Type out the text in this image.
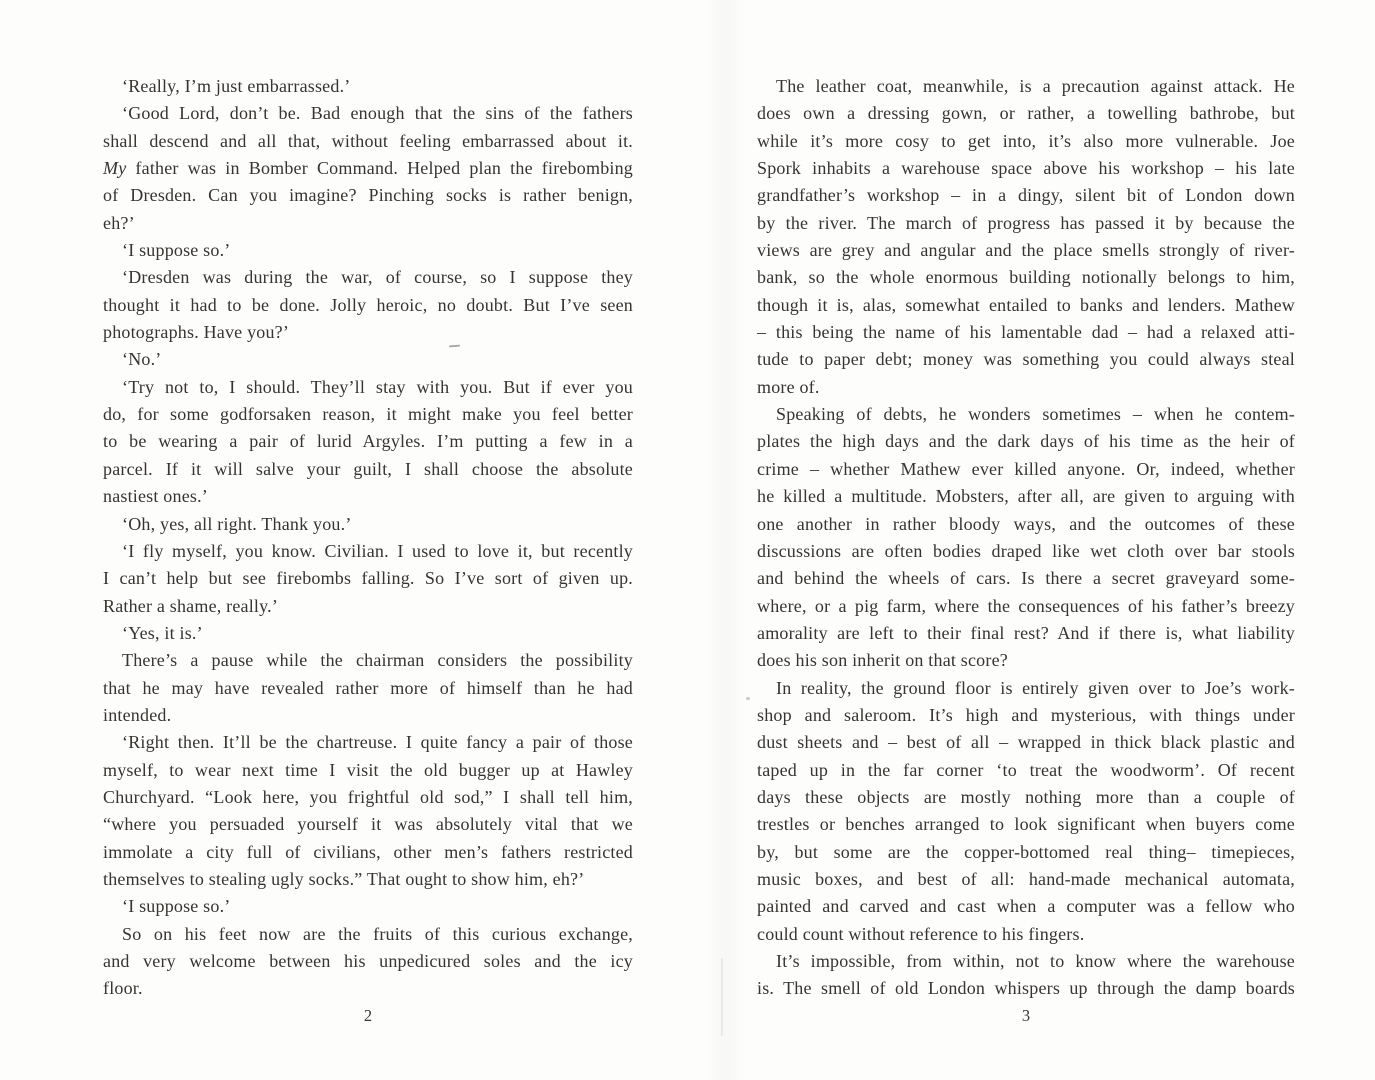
‘Really, I’m just embarrassed.’
‘Good Lord, don’t be. Bad enough that the sins of the fathers
shall descend and all that, without feeling embarrassed about it.
My father was in Bomber Command. Helped plan the firebombing
of Dresden. Can you imagine? Pinching socks is rather benign,
eh?’
‘I suppose so.’
‘Dresden was during the war, of course, so I suppose they
thought it had to be done. Jolly heroic, no doubt. But I’ve seen
photographs. Have you?’
‘No.’
‘Try not to, I should. They’ll stay with you. But if ever you
do, for some godforsaken reason, it might make you feel better
to be wearing a pair of lurid Argyles. I’m putting a few in a
parcel. If it will salve your guilt, I shall choose the absolute
nastiest ones.’
‘Oh, yes, all right. Thank you.’
‘I fly myself, you know. Civilian. I used to love it, but recently
I can’t help but see firebombs falling. So I’ve sort of given up.
Rather a shame, really.’
‘Yes, it is.’
There’s a pause while the chairman considers the possibility
that he may have revealed rather more of himself than he had
intended.
‘Right then. It’ll be the chartreuse. I quite fancy a pair of those
myself, to wear next time I visit the old bugger up at Hawley
Churchyard. “Look here, you frightful old sod,” I shall tell him,
“where you persuaded yourself it was absolutely vital that we
immolate a city full of civilians, other men’s fathers restricted
themselves to stealing ugly socks.” That ought to show him, eh?’
‘I suppose so.’
So on his feet now are the fruits of this curious exchange,
and very welcome between his unpedicured soles and the icy
floor.
2
The leather coat, meanwhile, is a precaution against attack. He
does own a dressing gown, or rather, a towelling bathrobe, but
while it’s more cosy to get into, it’s also more vulnerable. Joe
Spork inhabits a warehouse space above his workshop – his late
grandfather’s workshop – in a dingy, silent bit of London down
by the river. The march of progress has passed it by because the
views are grey and angular and the place smells strongly of river-
bank, so the whole enormous building notionally belongs to him,
though it is, alas, somewhat entailed to banks and lenders. Mathew
– this being the name of his lamentable dad – had a relaxed atti-
tude to paper debt; money was something you could always steal
more of.
Speaking of debts, he wonders sometimes – when he contem-
plates the high days and the dark days of his time as the heir of
crime – whether Mathew ever killed anyone. Or, indeed, whether
he killed a multitude. Mobsters, after all, are given to arguing with
one another in rather bloody ways, and the outcomes of these
discussions are often bodies draped like wet cloth over bar stools
and behind the wheels of cars. Is there a secret graveyard some-
where, or a pig farm, where the consequences of his father’s breezy
amorality are left to their final rest? And if there is, what liability
does his son inherit on that score?
In reality, the ground floor is entirely given over to Joe’s work-
shop and saleroom. It’s high and mysterious, with things under
dust sheets and – best of all – wrapped in thick black plastic and
taped up in the far corner ‘to treat the woodworm’. Of recent
days these objects are mostly nothing more than a couple of
trestles or benches arranged to look significant when buyers come
by, but some are the copper-bottomed real thing– timepieces,
music boxes, and best of all: hand-made mechanical automata,
painted and carved and cast when a computer was a fellow who
could count without reference to his fingers.
It’s impossible, from within, not to know where the warehouse
is. The smell of old London whispers up through the damp boards
3
